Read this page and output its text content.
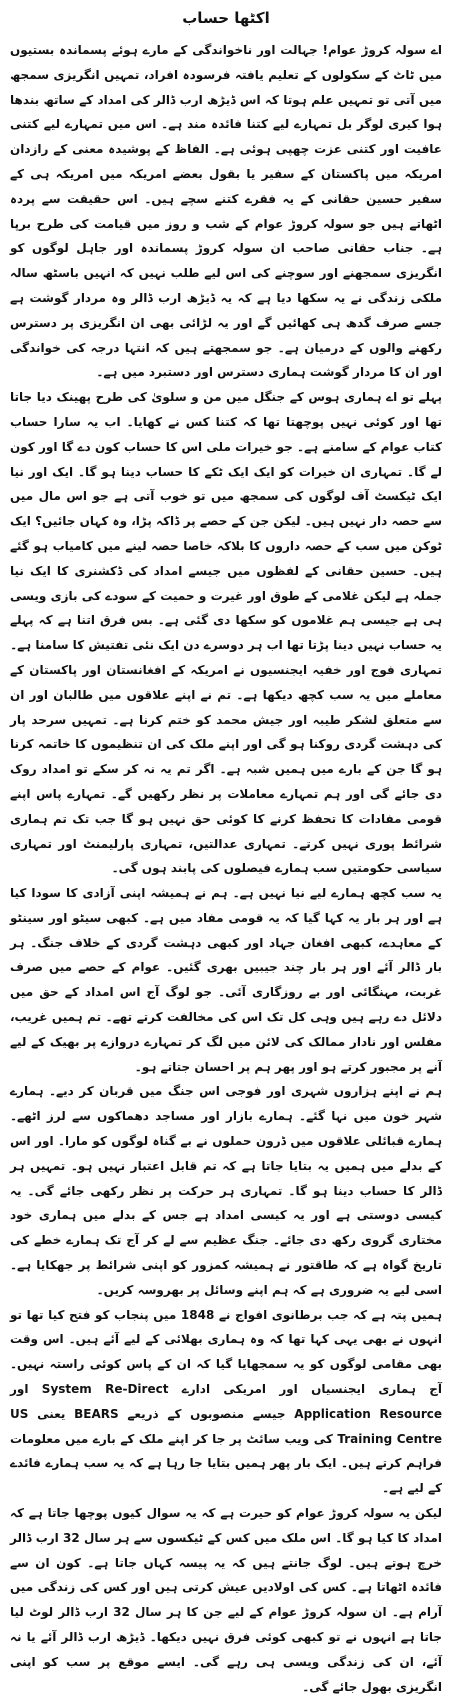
اکٹھا حساب

اے سولہ کروڑ عوام! جہالت اور ناخواندگی کے مارے ہوئے پسماندہ بستیوں میں ٹاٹ کے سکولوں کے تعلیم یافتہ فرسودہ افراد، تمہیں انگریزی سمجھ میں آتی تو تمہیں علم ہوتا کہ اس ڈیڑھ ارب ڈالر کی امداد کے ساتھ بندھا ہوا کیری لوگر بل تمہارے لیے کتنا فائدہ مند ہے۔ اس میں تمہارے لیے کتنی عافیت اور کتنی عزت چھپی ہوئی ہے۔ الفاظ کے پوشیدہ معنی کے رازدان امریکہ میں پاکستان کے سفیر یا بقول بعضے امریکہ میں امریکہ ہی کے سفیر حسین حقانی کے یہ فقرے کتنے سچے ہیں۔ اس حقیقت سے پردہ اٹھاتے ہیں جو سولہ کروڑ عوام کے شب و روز میں قیامت کی طرح برپا ہے۔ جناب حقانی صاحب ان سولہ کروڑ پسماندہ اور جاہل لوگوں کو انگریزی سمجھنے اور سوچنے کی اس لیے طلب نہیں کہ انہیں باسٹھ سالہ ملکی زندگی نے یہ سکھا دیا ہے کہ یہ ڈیڑھ ارب ڈالر وہ مردار گوشت ہے جسے صرف گدھ ہی کھائیں گے اور یہ لڑائی بھی ان انگریزی پر دسترس رکھنے والوں کے درمیان ہے۔ جو سمجھتے ہیں کہ انتہا درجہ کی خواندگی اور ان کا مردار گوشت ہماری دسترس اور دستبرد میں ہے۔

پہلے تو اے ہماری ہوس کے جنگل میں من و سلویٰ کی طرح پھینک دیا جاتا تھا اور کوئی نہیں پوچھتا تھا کہ کتنا کس نے کھایا۔ اب یہ سارا حساب کتاب عوام کے سامنے ہے۔ جو خیرات ملی اس کا حساب کون دے گا اور کون لے گا۔ تمہاری ان خیرات کو ایک ایک ٹکے کا حساب دینا ہو گا۔ ایک اور نیا ایک ٹیکسٹ آف لوگوں کی سمجھ میں تو خوب آتی ہے جو اس مال میں سے حصہ دار نہیں ہیں۔ لیکن جن کے حصے پر ڈاکہ پڑا، وہ کہاں جائیں؟ ایک ٹوکن میں سب کے حصہ داروں کا بلاکہ خاصا حصہ لینے میں کامیاب ہو گئے ہیں۔ حسین حقانی کے لفظوں میں جیسے امداد کی ڈکشنری کا ایک نیا جملہ ہے لیکن غلامی کے طوق اور غیرت و حمیت کے سودے کی بازی ویسی ہی ہے جیسی ہم غلاموں کو سکھا دی گئی ہے۔ بس فرق اتنا ہے کہ پہلے یہ حساب نہیں دینا پڑتا تھا اب ہر دوسرے دن ایک نئی تفتیش کا سامنا ہے۔

تمہاری فوج اور خفیہ ایجنسیوں نے امریکہ کے افغانستان اور پاکستان کے معاملے میں یہ سب کچھ دیکھا ہے۔ تم نے اپنے علاقوں میں طالبان اور ان سے متعلق لشکر طیبہ اور جیش محمد کو ختم کرنا ہے۔ تمہیں سرحد پار کی دہشت گردی روکنا ہو گی اور اپنے ملک کی ان تنظیموں کا خاتمہ کرنا ہو گا جن کے بارے میں ہمیں شبہ ہے۔ اگر تم یہ نہ کر سکے تو امداد روک دی جائے گی اور ہم تمہارے معاملات پر نظر رکھیں گے۔ تمہارے پاس اپنے قومی مفادات کا تحفظ کرنے کا کوئی حق نہیں ہو گا جب تک تم ہماری شرائط پوری نہیں کرتے۔ تمہاری عدالتیں، تمہاری پارلیمنٹ اور تمہاری سیاسی حکومتیں سب ہمارے فیصلوں کی پابند ہوں گی۔

یہ سب کچھ ہمارے لیے نیا نہیں ہے۔ ہم نے ہمیشہ اپنی آزادی کا سودا کیا ہے اور ہر بار یہ کہا گیا کہ یہ قومی مفاد میں ہے۔ کبھی سیٹو اور سینٹو کے معاہدے، کبھی افغان جہاد اور کبھی دہشت گردی کے خلاف جنگ۔ ہر بار ڈالر آئے اور ہر بار چند جیبیں بھری گئیں۔ عوام کے حصے میں صرف غربت، مہنگائی اور بے روزگاری آئی۔ جو لوگ آج اس امداد کے حق میں دلائل دے رہے ہیں وہی کل تک اس کی مخالفت کرتے تھے۔ تم ہمیں غریب، مفلس اور نادار ممالک کی لائن میں لگ کر تمہارے دروازے پر بھیک کے لیے آنے پر مجبور کرتے ہو اور پھر ہم پر احسان جتاتے ہو۔

ہم نے اپنے ہزاروں شہری اور فوجی اس جنگ میں قربان کر دیے۔ ہمارے شہر خون میں نہا گئے۔ ہمارے بازار اور مساجد دھماکوں سے لرز اٹھے۔ ہمارے قبائلی علاقوں میں ڈرون حملوں نے بے گناہ لوگوں کو مارا۔ اور اس کے بدلے میں ہمیں یہ بتایا جاتا ہے کہ تم قابل اعتبار نہیں ہو۔ تمہیں ہر ڈالر کا حساب دینا ہو گا۔ تمہاری ہر حرکت پر نظر رکھی جائے گی۔ یہ کیسی دوستی ہے اور یہ کیسی امداد ہے جس کے بدلے میں ہماری خود مختاری گروی رکھ دی جائے۔ جنگ عظیم سے لے کر آج تک ہمارے خطے کی تاریخ گواہ ہے کہ طاقتور نے ہمیشہ کمزور کو اپنی شرائط پر جھکایا ہے۔ اسی لیے یہ ضروری ہے کہ ہم اپنے وسائل پر بھروسہ کریں۔

ہمیں پتہ ہے کہ جب برطانوی افواج نے 1848 میں پنجاب کو فتح کیا تھا تو انہوں نے بھی یہی کہا تھا کہ وہ ہماری بھلائی کے لیے آئے ہیں۔ اس وقت بھی مقامی لوگوں کو یہ سمجھایا گیا کہ ان کے پاس کوئی راستہ نہیں۔ آج ہماری ایجنسیاں اور امریکی ادارے System Re-Direct اور Application Resource جیسے منصوبوں کے ذریعے BEARS یعنی US Training Centre کی ویب سائٹ پر جا کر اپنے ملک کے بارے میں معلومات فراہم کرتے ہیں۔ ایک بار پھر ہمیں بتایا جا رہا ہے کہ یہ سب ہمارے فائدے کے لیے ہے۔

لیکن یہ سولہ کروڑ عوام کو حیرت ہے کہ یہ سوال کیوں پوچھا جاتا ہے کہ امداد کا کیا ہو گا۔ اس ملک میں کس کے ٹیکسوں سے ہر سال 32 ارب ڈالر خرچ ہوتے ہیں۔ لوگ جانتے ہیں کہ یہ پیسہ کہاں جاتا ہے۔ کون ان سے فائدہ اٹھاتا ہے۔ کس کی اولادیں عیش کرتی ہیں اور کس کی زندگی میں آرام ہے۔ ان سولہ کروڑ عوام کے لیے جن کا ہر سال 32 ارب ڈالر لوٹ لیا جاتا ہے انہوں نے تو کبھی کوئی فرق نہیں دیکھا۔ ڈیڑھ ارب ڈالر آئے یا نہ آئے، ان کی زندگی ویسی ہی رہے گی۔ ایسے موقع پر سب کو اپنی انگریزی بھول جائے گی۔
